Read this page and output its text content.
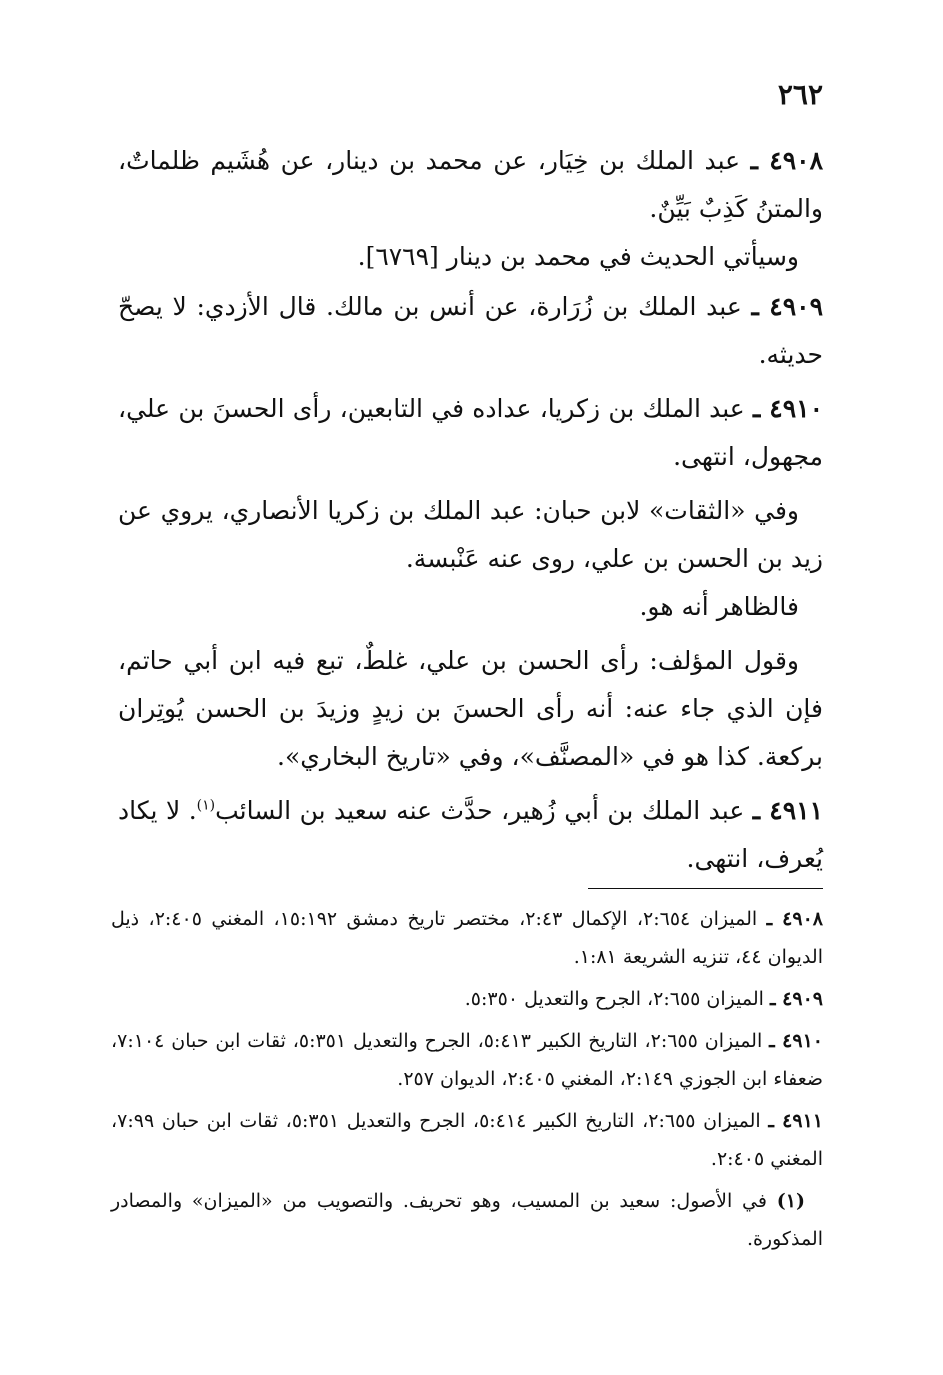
٢٦٢

٤٩٠٨ ـ عبد الملك بن خِيَار، عن محمد بن دينار، عن هُشَيم ظلماتٌ، والمتنُ كَذِبٌ بَيِّنٌ.

وسيأتي الحديث في محمد بن دينار [٦٧٦٩].

٤٩٠٩ ـ عبد الملك بن زُرَارة، عن أنس بن مالك. قال الأزدي: لا يصحّ حديثه.

٤٩١٠ ـ عبد الملك بن زكريا، عداده في التابعين، رأى الحسنَ بن علي، مجهول، انتهى.

وفي «الثقات» لابن حبان: عبد الملك بن زكريا الأنصاري، يروي عن زيد بن الحسن بن علي، روى عنه عَنْبسة.

فالظاهر أنه هو.

وقول المؤلف: رأى الحسن بن علي، غلطٌ، تبع فيه ابن أبي حاتم، فإن الذي جاء عنه: أنه رأى الحسنَ بن زيدٍ وزيدَ بن الحسن يُوتِران بركعة. كذا هو في «المصنَّف»، وفي «تاريخ البخاري».

٤٩١١ ـ عبد الملك بن أبي زُهير، حدَّث عنه سعيد بن السائب$^{(١)}$. لا يكاد يُعرف، انتهى.

٤٩٠٨ ـ الميزان ٢:٦٥٤، الإكمال ٢:٤٣، مختصر تاريخ دمشق ١٥:١٩٢، المغني ٢:٤٠٥، ذيل الديوان ٤٤، تنزيه الشريعة ١:٨١.

٤٩٠٩ ـ الميزان ٢:٦٥٥، الجرح والتعديل ٥:٣٥٠.

٤٩١٠ ـ الميزان ٢:٦٥٥، التاريخ الكبير ٥:٤١٣، الجرح والتعديل ٥:٣٥١، ثقات ابن حبان ٧:١٠٤، ضعفاء ابن الجوزي ٢:١٤٩، المغني ٢:٤٠٥، الديوان ٢٥٧.

٤٩١١ ـ الميزان ٢:٦٥٥، التاريخ الكبير ٥:٤١٤، الجرح والتعديل ٥:٣٥١، ثقات ابن حبان ٧:٩٩، المغني ٢:٤٠٥.

(١) في الأصول: سعيد بن المسيب، وهو تحريف. والتصويب من «الميزان» والمصادر المذكورة.
